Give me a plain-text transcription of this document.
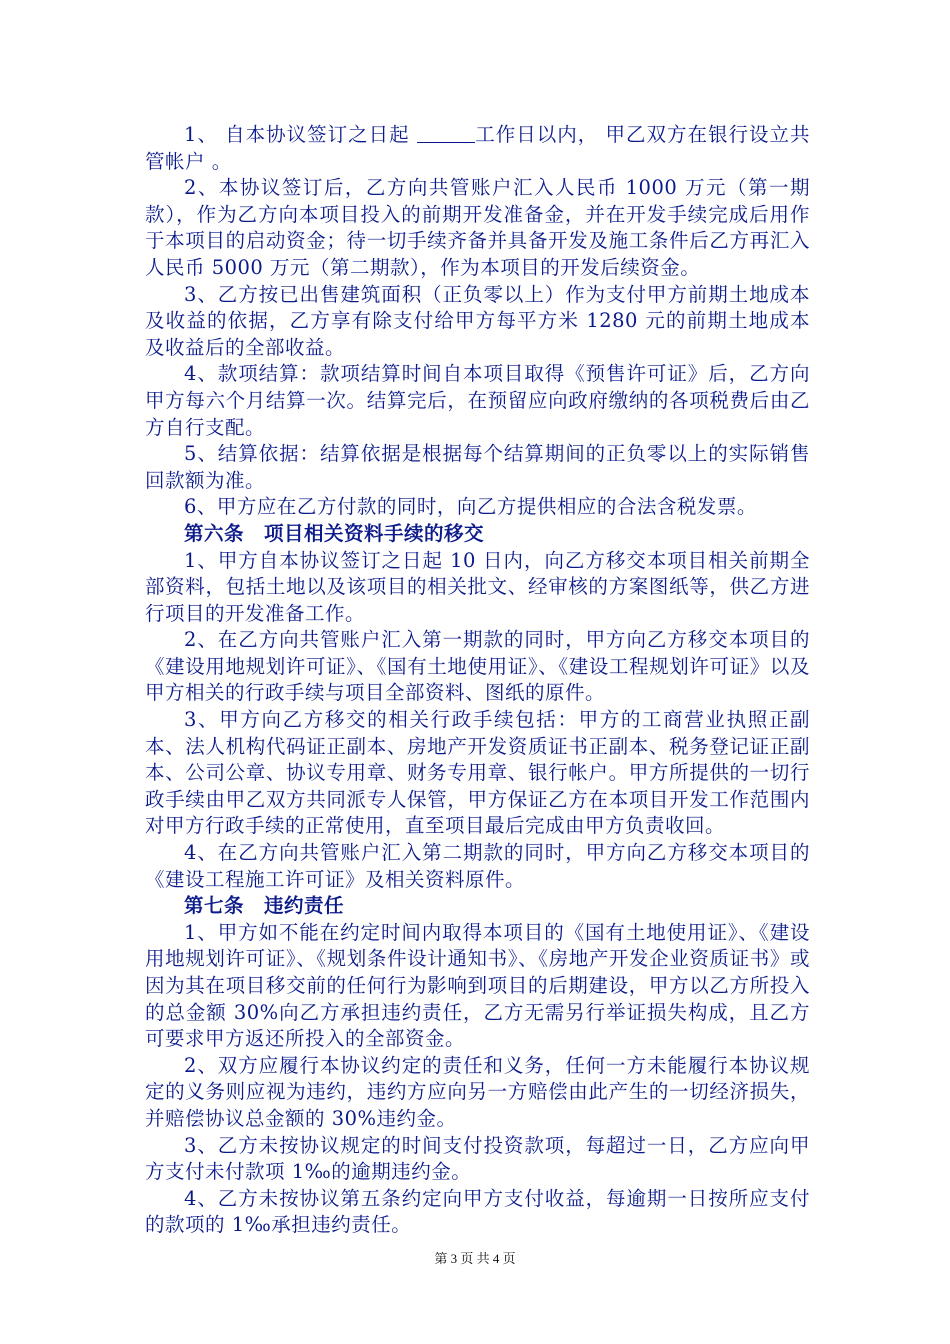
1、 自本协议签订之日起	工作日以内， 甲乙双方在银行设立共管帐户 。

2、本协议签订后，乙方向共管账户汇入人民币 1000 万元（第一期款），作为乙方向本项目投入的前期开发准备金，并在开发手续完成后用作于本项目的启动资金；待一切手续齐备并具备开发及施工条件后乙方再汇入人民币 5000 万元（第二期款），作为本项目的开发后续资金。

3、乙方按已出售建筑面积（正负零以上）作为支付甲方前期土地成本及收益的依据，乙方享有除支付给甲方每平方米 1280 元的前期土地成本及收益后的全部收益。

4、款项结算：款项结算时间自本项目取得《预售许可证》后，乙方向甲方每六个月结算一次。结算完后，在预留应向政府缴纳的各项税费后由乙方自行支配。

5、结算依据：结算依据是根据每个结算期间的正负零以上的实际销售回款额为准。

6、甲方应在乙方付款的同时，向乙方提供相应的合法含税发票。

第六条　项目相关资料手续的移交

1、甲方自本协议签订之日起 10 日内，向乙方移交本项目相关前期全部资料，包括土地以及该项目的相关批文、经审核的方案图纸等，供乙方进行项目的开发准备工作。

2、在乙方向共管账户汇入第一期款的同时，甲方向乙方移交本项目的《建设用地规划许可证》、《国有土地使用证》、《建设工程规划许可证》以及甲方相关的行政手续与项目全部资料、图纸的原件。

3、甲方向乙方移交的相关行政手续包括：甲方的工商营业执照正副本、法人机构代码证正副本、房地产开发资质证书正副本、税务登记证正副本、公司公章、协议专用章、财务专用章、银行帐户。甲方所提供的一切行政手续由甲乙双方共同派专人保管，甲方保证乙方在本项目开发工作范围内对甲方行政手续的正常使用，直至项目最后完成由甲方负责收回。

4、在乙方向共管账户汇入第二期款的同时，甲方向乙方移交本项目的《建设工程施工许可证》及相关资料原件。

第七条　违约责任

1、甲方如不能在约定时间内取得本项目的《国有土地使用证》、《建设用地规划许可证》、《规划条件设计通知书》、《房地产开发企业资质证书》或因为其在项目移交前的任何行为影响到项目的后期建设，甲方以乙方所投入的总金额 30%向乙方承担违约责任，乙方无需另行举证损失构成，且乙方可要求甲方返还所投入的全部资金。

2、双方应履行本协议约定的责任和义务，任何一方未能履行本协议规定的义务则应视为违约，违约方应向另一方赔偿由此产生的一切经济损失，并赔偿协议总金额的 30%违约金。

3、乙方未按协议规定的时间支付投资款项，每超过一日，乙方应向甲方支付未付款项 1‰的逾期违约金。

4、乙方未按协议第五条约定向甲方支付收益，每逾期一日按所应支付的款项的 1‰承担违约责任。

第 3 页 共 4 页
